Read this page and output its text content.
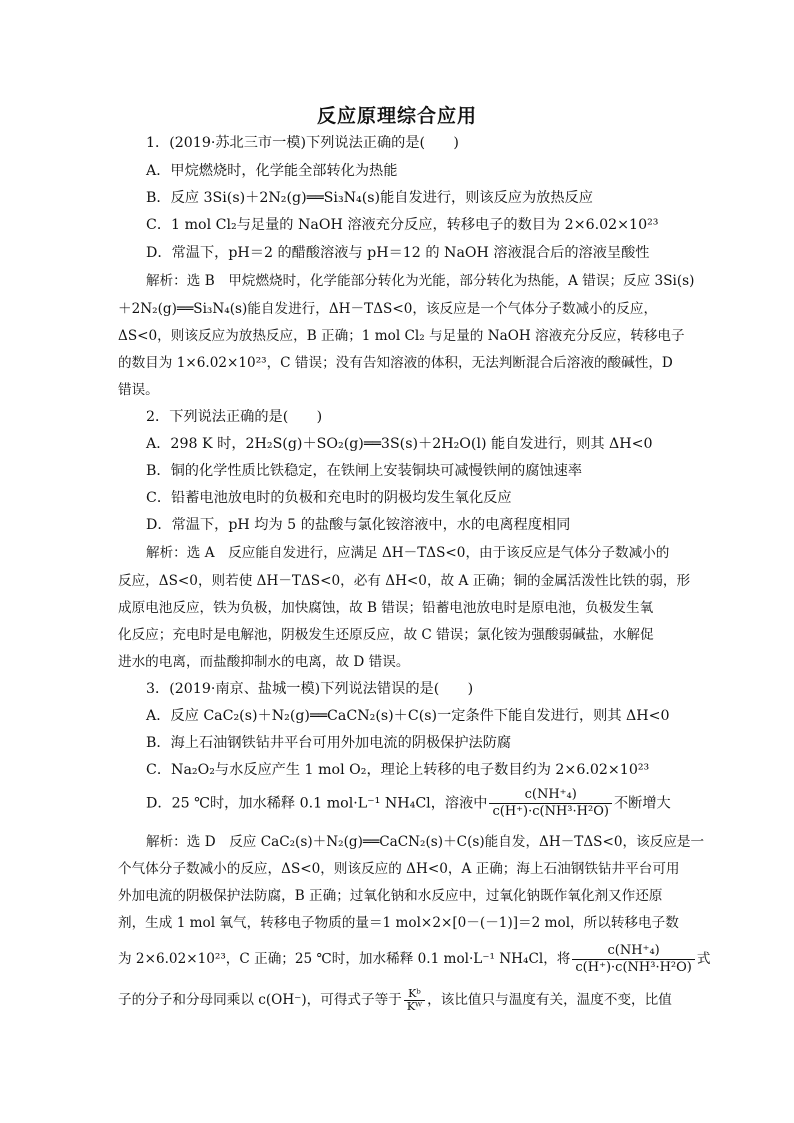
反应原理综合应用
1．(2019·苏北三市一模)下列说法正确的是(　　)
A．甲烷燃烧时，化学能全部转化为热能
B．反应 3Si(s)＋2N₂(g)══Si₃N₄(s)能自发进行，则该反应为放热反应
C．1 mol Cl₂与足量的 NaOH 溶液充分反应，转移电子的数目为 2×6.02×10²³
D．常温下，pH＝2 的醋酸溶液与 pH＝12 的 NaOH 溶液混合后的溶液呈酸性
解析：选 B　甲烷燃烧时，化学能部分转化为光能，部分转化为热能，A 错误；反应 3Si(s)
＋2N₂(g)══Si₃N₄(s)能自发进行，ΔH－TΔS<0，该反应是一个气体分子数减小的反应，
ΔS<0，则该反应为放热反应，B 正确；1 mol Cl₂ 与足量的 NaOH 溶液充分反应，转移电子
的数目为 1×6.02×10²³，C 错误；没有告知溶液的体积，无法判断混合后溶液的酸碱性，D
错误。
2．下列说法正确的是(　　)
A．298 K 时，2H₂S(g)＋SO₂(g)══3S(s)＋2H₂O(l) 能自发进行，则其 ΔH<0
B．铜的化学性质比铁稳定，在铁闸上安装铜块可减慢铁闸的腐蚀速率
C．铅蓄电池放电时的负极和充电时的阴极均发生氧化反应
D．常温下，pH 均为 5 的盐酸与氯化铵溶液中，水的电离程度相同
解析：选 A　反应能自发进行，应满足 ΔH－TΔS<0，由于该反应是气体分子数减小的
反应，ΔS<0，则若使 ΔH－TΔS<0，必有 ΔH<0，故 A 正确；铜的金属活泼性比铁的弱，形
成原电池反应，铁为负极，加快腐蚀，故 B 错误；铅蓄电池放电时是原电池，负极发生氧
化反应；充电时是电解池，阴极发生还原反应，故 C 错误；氯化铵为强酸弱碱盐，水解促
进水的电离，而盐酸抑制水的电离，故 D 错误。
3．(2019·南京、盐城一模)下列说法错误的是(　　)
A．反应 CaC₂(s)＋N₂(g)══CaCN₂(s)＋C(s)一定条件下能自发进行，则其 ΔH<0
B．海上石油钢铁钻井平台可用外加电流的阴极保护法防腐
C．Na₂O₂与水反应产生 1 mol O₂，理论上转移的电子数目约为 2×6.02×10²³
D．25 ℃时，加水稀释 0.1 mol·L⁻¹ NH₄Cl，溶液中 $\frac{\text{c(NH⁺₄)}}{\text{c(H⁺)·c(NH³·H²O)}}$ 不断增大
解析：选 D　反应 CaC₂(s)＋N₂(g)══CaCN₂(s)＋C(s)能自发，ΔH－TΔS<0，该反应是一
个气体分子数减小的反应，ΔS<0，则该反应的 ΔH<0，A 正确；海上石油钢铁钻井平台可用
外加电流的阴极保护法防腐，B 正确；过氧化钠和水反应中，过氧化钠既作氧化剂又作还原
剂，生成 1 mol 氧气，转移电子物质的量＝1 mol×2×[0－(－1)]＝2 mol，所以转移电子数
为 2×6.02×10²³，C 正确；25 ℃时，加水稀释 0.1 mol·L⁻¹ NH₄Cl，将 $\frac{\text{c(NH⁺₄)}}{\text{c(H⁺)·c(NH³·H²O)}}$ 式
子的分子和分母同乘以 c(OH⁻)，可得式子等于 $\frac{\text{Kᵇ}}{\text{Kᵂ}}$ ，该比值只与温度有关，温度不变，比值
